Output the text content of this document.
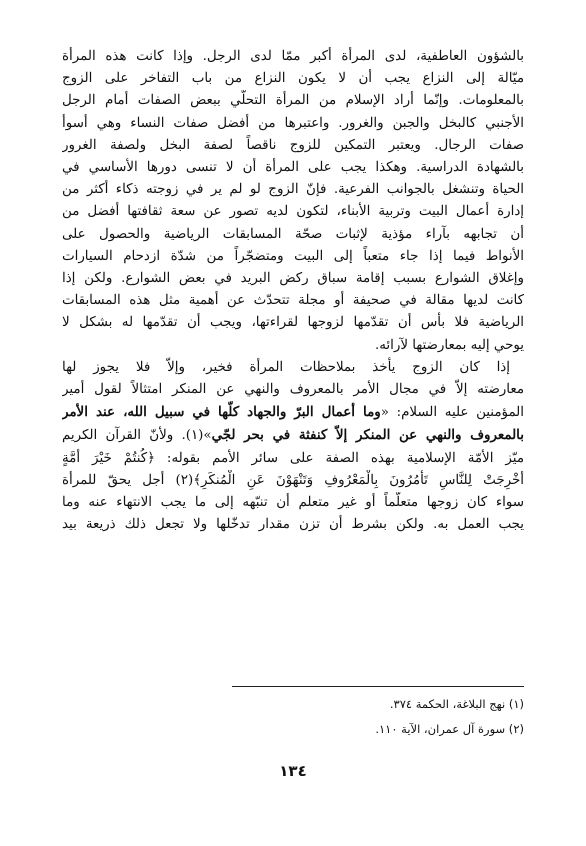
بالشؤون العاطفية، لدى المرأة أكبر ممّا لدى الرجل. وإذا كانت هذه المرأة
ميّالة إلى النزاع يجب أن لا يكون النزاع من باب التفاخر على الزوج
بالمعلومات. وإنّما أراد الإسلام من المرأة التحلّي ببعض الصفات أمام الرجل
الأجنبي كالبخل والجبن والغرور. واعتبرها من أفضل صفات النساء وهي أسوأ
صفات الرجال. ويعتبر التمكين للزوج ناقصاً لصفة البخل ولصفة الغرور
بالشهادة الدراسية. وهكذا يجب على المرأة أن لا تنسى دورها الأساسي في
الحياة وتنشغل بالجوانب الفرعية. فإنّ الزوج لو لم ير في زوجته ذكاء أكثر من
إدارة أعمال البيت وتربية الأبناء، لتكون لديه تصور عن سعة ثقافتها أفضل من
أن تجابهه بآراء مؤذية لإثبات صحّة المسابقات الرياضية والحصول على
الأنواط فيما إذا جاء متعباً إلى البيت ومتضجّراً من شدّة ازدحام السيارات
وإغلاق الشوارع بسبب إقامة سباق ركض البريد في بعض الشوارع. ولكن إذا
كانت لديها مقالة في صحيفة أو مجلة تتحدّث عن أهمية مثل هذه المسابقات
الرياضية فلا بأس أن تقدّمها لزوجها لقراءتها، ويجب أن تقدّمها له بشكل لا
يوحي إليه بمعارضتها لآرائه.
إذا كان الزوج يأخذ بملاحظات المرأة فخير، وإلاّ فلا يجوز لها
معارضته إلاّ في مجال الأمر بالمعروف والنهي عن المنكر امتثالاً لقول أمير
المؤمنين عليه السلام: «وما أعمال البرّ والجهاد كلّها في سبيل الله، عند الأمر
بالمعروف والنهي عن المنكر إلاّ كنفثة في بحر لجّي»(١). ولأنّ القرآن الكريم
ميّز الأمّة الإسلامية بهذه الصفة على سائر الأمم بقوله: ﴿كُنتُمْ خَيْرَ أُمَّةٍ
أُخْرِجَتْ لِلنَّاسِ تَأْمُرُونَ بِالْمَعْرُوفِ وَتَنْهَوْنَ عَنِ الْمُنكَرِ﴾(٢) أجل يحقّ للمرأة
سواء كان زوجها متعلّماً أو غير متعلم أن تنبّهه إلى ما يجب الانتهاء عنه وما
يجب العمل به. ولكن بشرط أن تزن مقدار تدخّلها ولا تجعل ذلك ذريعة بيد
(١) نهج البلاغة، الحكمة ٣٧٤.
(٢) سورة آل عمران، الآية ١١٠.
١٣٤
